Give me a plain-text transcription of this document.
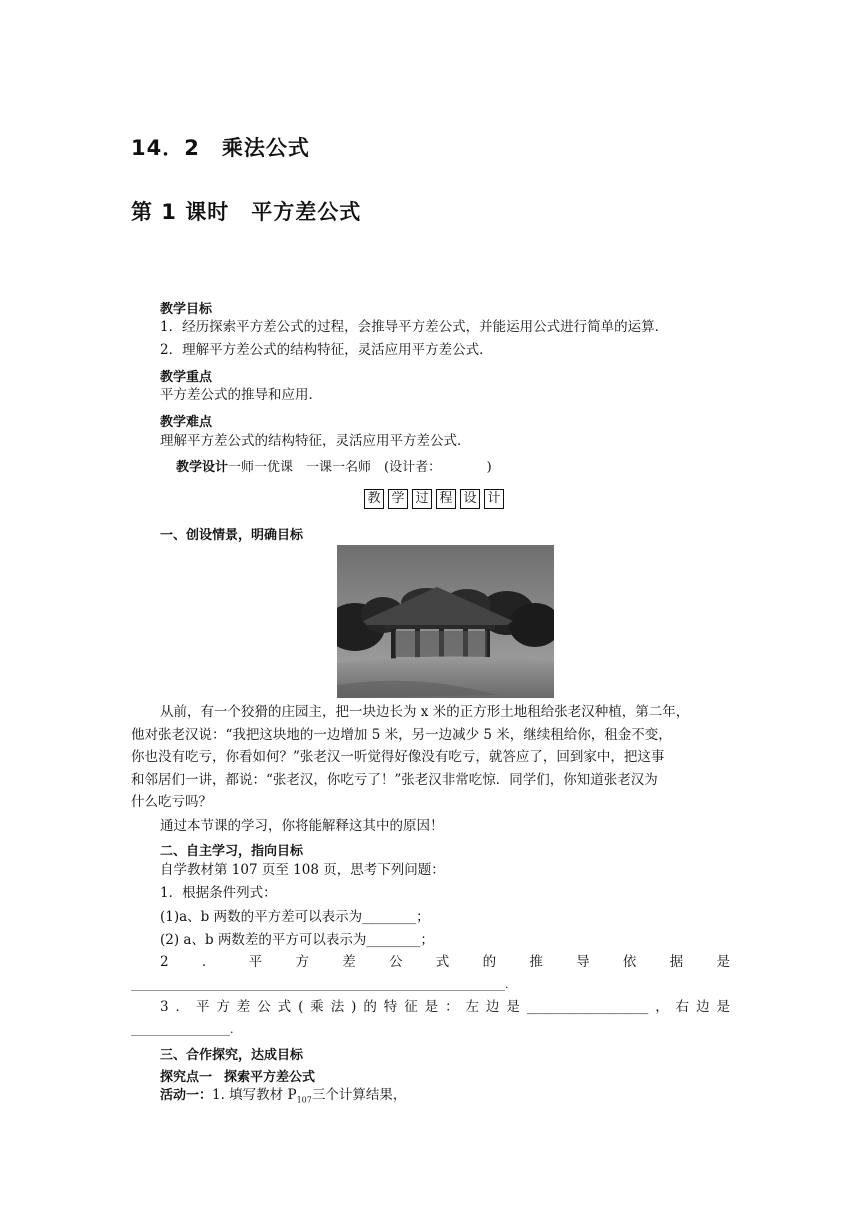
14．2　乘法公式
第 1 课时　平方差公式
教学目标
1．经历探索平方差公式的过程，会推导平方差公式，并能运用公式进行简单的运算．
2．理解平方差公式的结构特征，灵活应用平方差公式．
教学重点
平方差公式的推导和应用．
教学难点
理解平方差公式的结构特征，灵活应用平方差公式．
教学设计一师一优课　一课一名师　(设计者：　　　　)
教 学 过 程 设 计
一、创设情景，明确目标
从前，有一个狡猾的庄园主，把一块边长为 x 米的正方形土地租给张老汉种植，第二年，
他对张老汉说：“我把这块地的一边增加 5 米，另一边减少 5 米，继续租给你，租金不变，
你也没有吃亏，你看如何？”张老汉一听觉得好像没有吃亏，就答应了，回到家中，把这事
和邻居们一讲，都说：“张老汉，你吃亏了！”张老汉非常吃惊．同学们，你知道张老汉为
什么吃亏吗？
通过本节课的学习，你将能解释这其中的原因！
二、自主学习，指向目标
自学教材第 107 页至 108 页，思考下列问题：
1．根据条件列式：
(1)a、b 两数的平方差可以表示为________；
(2) a、b 两数差的平方可以表示为________；
2 ． 平 方 差 公 式 的 推 导 依 据 是
____________________________________________________________________.
3．平方差公式(乘法)的特征是：左边是__________________，右边是
__________________.
三、合作探究，达成目标
探究点一 探索平方差公式
活动一：1. 填写教材 $P_{107}$三个计算结果，
